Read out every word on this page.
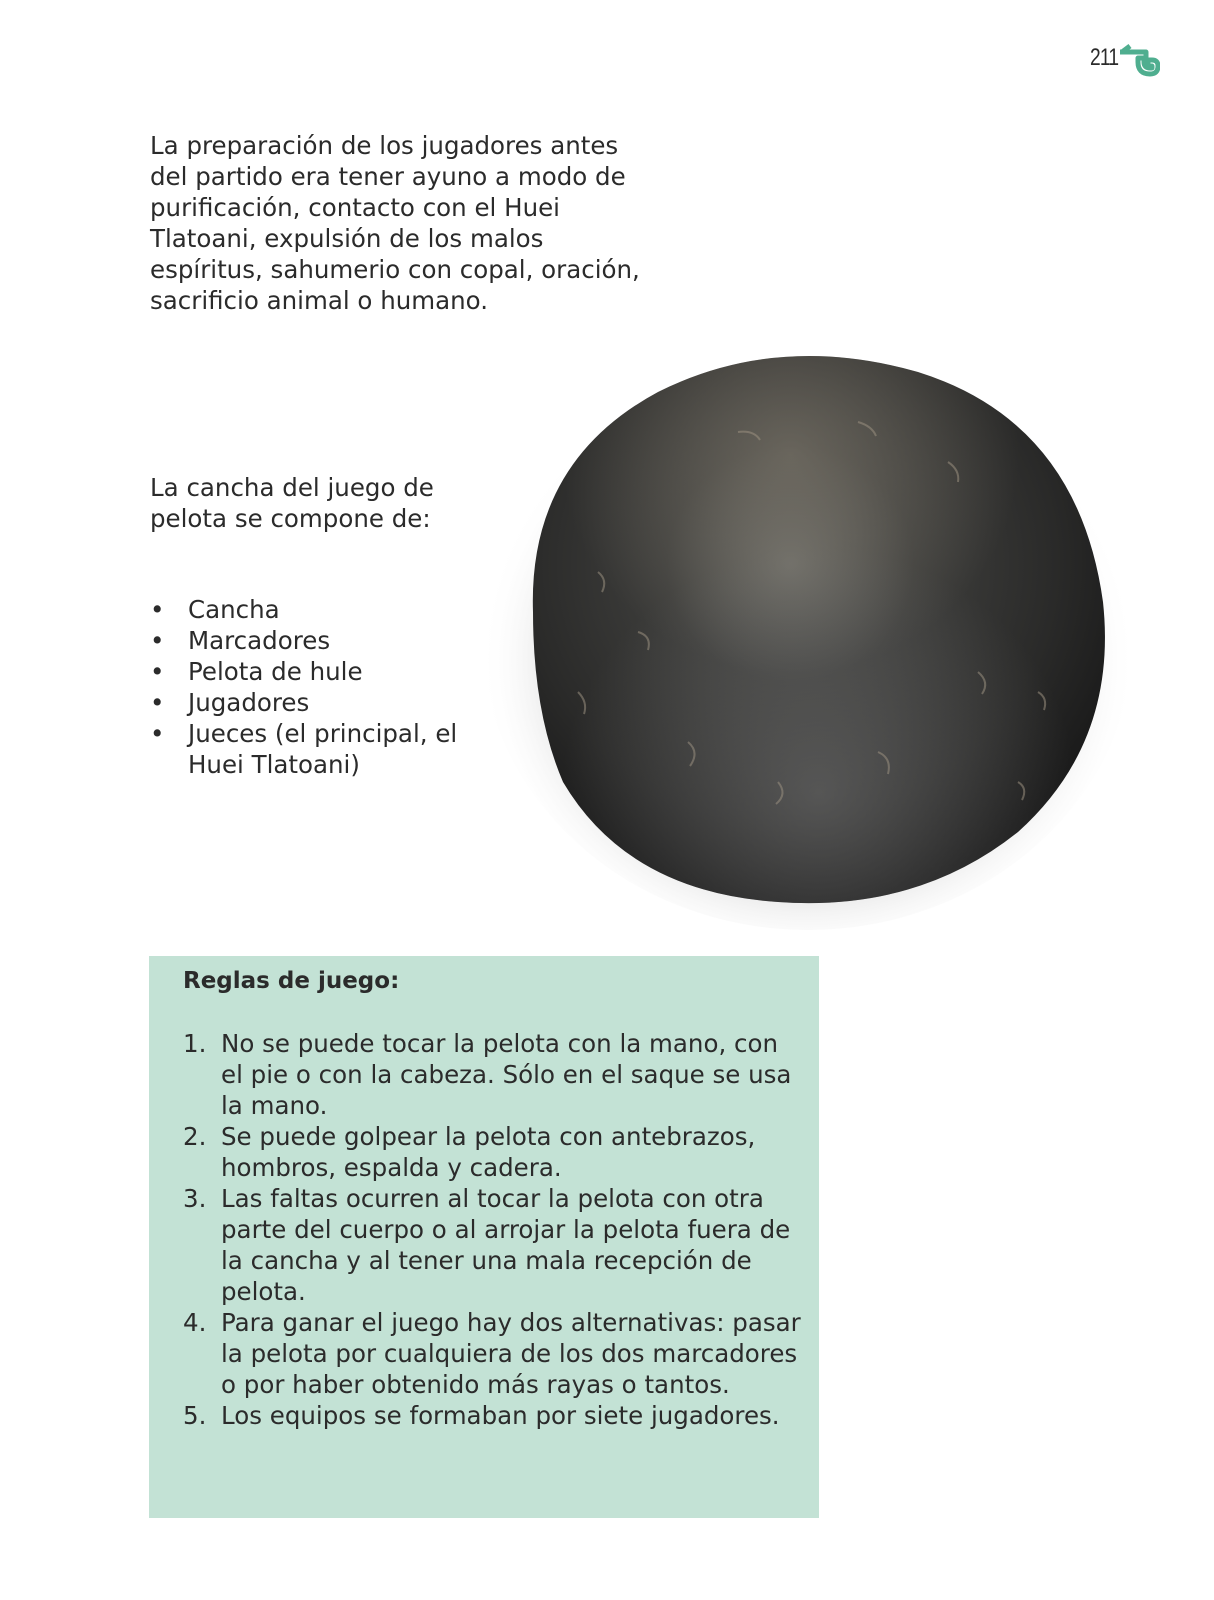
211

La preparación de los jugadores antes del partido era tener ayuno a modo de purificación, contacto con el Huei Tlatoani, expulsión de los malos espíritus, sahumerio con copal, oración, sacrificio animal o humano.

La cancha del juego de pelota se compone de:

• Cancha
• Marcadores
• Pelota de hule
• Jugadores
• Jueces (el principal, el Huei Tlatoani)
Reglas de juego:
1. No se puede tocar la pelota con la mano, con el pie o con la cabeza. Sólo en el saque se usa la mano.
2. Se puede golpear la pelota con antebrazos, hombros, espalda y cadera.
3. Las faltas ocurren al tocar la pelota con otra parte del cuerpo o al arrojar la pelota fuera de la cancha y al tener una mala recepción de pelota.
4. Para ganar el juego hay dos alternativas: pasar la pelota por cualquiera de los dos marcadores o por haber obtenido más rayas o tantos.
5. Los equipos se formaban por siete jugadores.
